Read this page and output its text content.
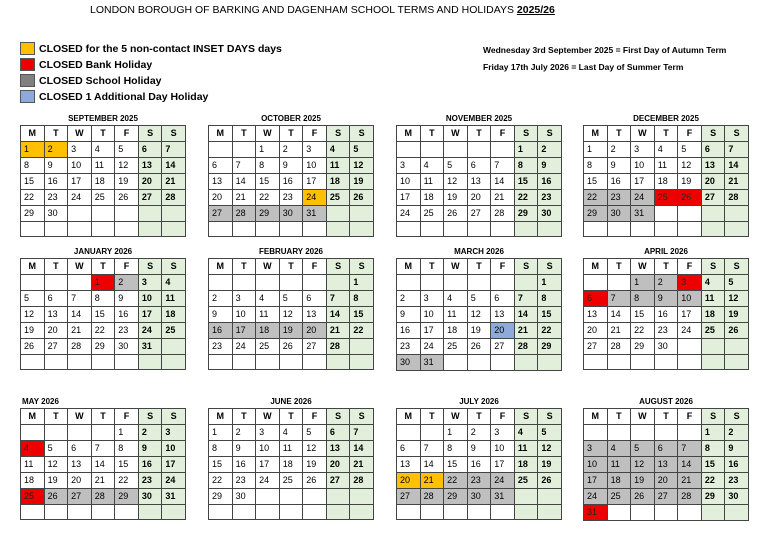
LONDON BOROUGH OF BARKING AND DAGENHAM SCHOOL TERMS AND HOLIDAYS 2025/26
CLOSED for the 5 non-contact INSET DAYS days
CLOSED Bank Holiday
CLOSED School Holiday
CLOSED 1 Additional Day Holiday
Wednesday 3rd September 2025 = First Day of Autumn Term
Friday 17th July 2026 = Last Day of Summer Term
SEPTEMBER 2025
M	T	W	T	F	S	S
1	2	3	4	5	6	7
8	9	10	11	12	13	14
15	16	17	18	19	20	21
22	23	24	25	26	27	28
29	30					

OCTOBER 2025
M	T	W	T	F	S	S
		1	2	3	4	5
6	7	8	9	10	11	12
13	14	15	16	17	18	19
20	21	22	23	24	25	26
27	28	29	30	31		

NOVEMBER 2025
M	T	W	T	F	S	S
					1	2
3	4	5	6	7	8	9
10	11	12	13	14	15	16
17	18	19	20	21	22	23
24	25	26	27	28	29	30

DECEMBER 2025
M	T	W	T	F	S	S
1	2	3	4	5	6	7
8	9	10	11	12	13	14
15	16	17	18	19	20	21
22	23	24	25	26	27	28
29	30	31				

JANUARY 2026
M	T	W	T	F	S	S
			1	2	3	4
5	6	7	8	9	10	11
12	13	14	15	16	17	18
19	20	21	22	23	24	25
26	27	28	29	30	31	

FEBRUARY 2026
M	T	W	T	F	S	S
						1
2	3	4	5	6	7	8
9	10	11	12	13	14	15
16	17	18	19	20	21	22
23	24	25	26	27	28	

MARCH 2026
M	T	W	T	F	S	S
						1
2	3	4	5	6	7	8
9	10	11	12	13	14	15
16	17	18	19	20	21	22
23	24	25	26	27	28	29
30	31					
APRIL 2026
M	T	W	T	F	S	S
		1	2	3	4	5
6	7	8	9	10	11	12
13	14	15	16	17	18	19
20	21	22	23	24	25	26
27	28	29	30			

MAY 2026
M	T	W	T	F	S	S
				1	2	3
4	5	6	7	8	9	10
11	12	13	14	15	16	17
18	19	20	21	22	23	24
25	26	27	28	29	30	31

JUNE 2026
M	T	W	T	F	S	S
1	2	3	4	5	6	7
8	9	10	11	12	13	14
15	16	17	18	19	20	21
22	23	24	25	26	27	28
29	30					

JULY 2026
M	T	W	T	F	S	S
		1	2	3	4	5
6	7	8	9	10	11	12
13	14	15	16	17	18	19
20	21	22	23	24	25	26
27	28	29	30	31		

AUGUST 2026
M	T	W	T	F	S	S
					1	2
3	4	5	6	7	8	9
10	11	12	13	14	15	16
17	18	19	20	21	22	23
24	25	26	27	28	29	30
31						
